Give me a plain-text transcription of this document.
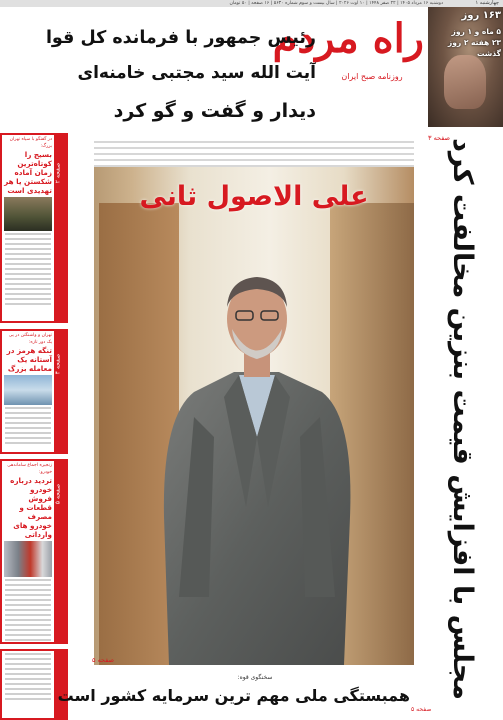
چهارشنبه ۱
دوشنبه ۱۶ مرداد ۱۴۰۵ | ۲۲ صفر ۱۴۴۸ | ۱۰ اوت ۲۰۲۶ | سال بیست و سوم شماره ۵۶۳۰ | ۱۶ صفحه | ۵۰ تومان
۱۶۳ روز
۵ ماه و ۱ روز
۲۳ هفته ۲ روز گذشت
راه مردم
روزنامه صبح ایران
رئیس جمهور با فرمانده کل قوا
آیت الله سید مجتبی خامنه‌ای
دیدار و گفت و گو کرد
صفحه ۲
در گفتگو با سپاه تهران بزرگ:
بسیج را کوتاه‌ترین زمان آماده شکستن یا هر تهدیدی است
صفحه ۴
تهران و واشنگتن در پی یک دور تازه:
تنگه هرمز در آستانه یک معامله بزرگ
صفحه ۵
زنجیره اجماع ساماندهی خودرو:
تردید درباره خودرو فروش قطعات و مصرف خودرو های وارداتی
علی الاصول ثانی
صفحه ۵
صفحه ۳
مجلس با افزایش قیمت بنزین مخالفت کرد
سخنگوی قوه:
همبستگی ملی مهم ترین سرمایه کشور است
صفحه ۵
